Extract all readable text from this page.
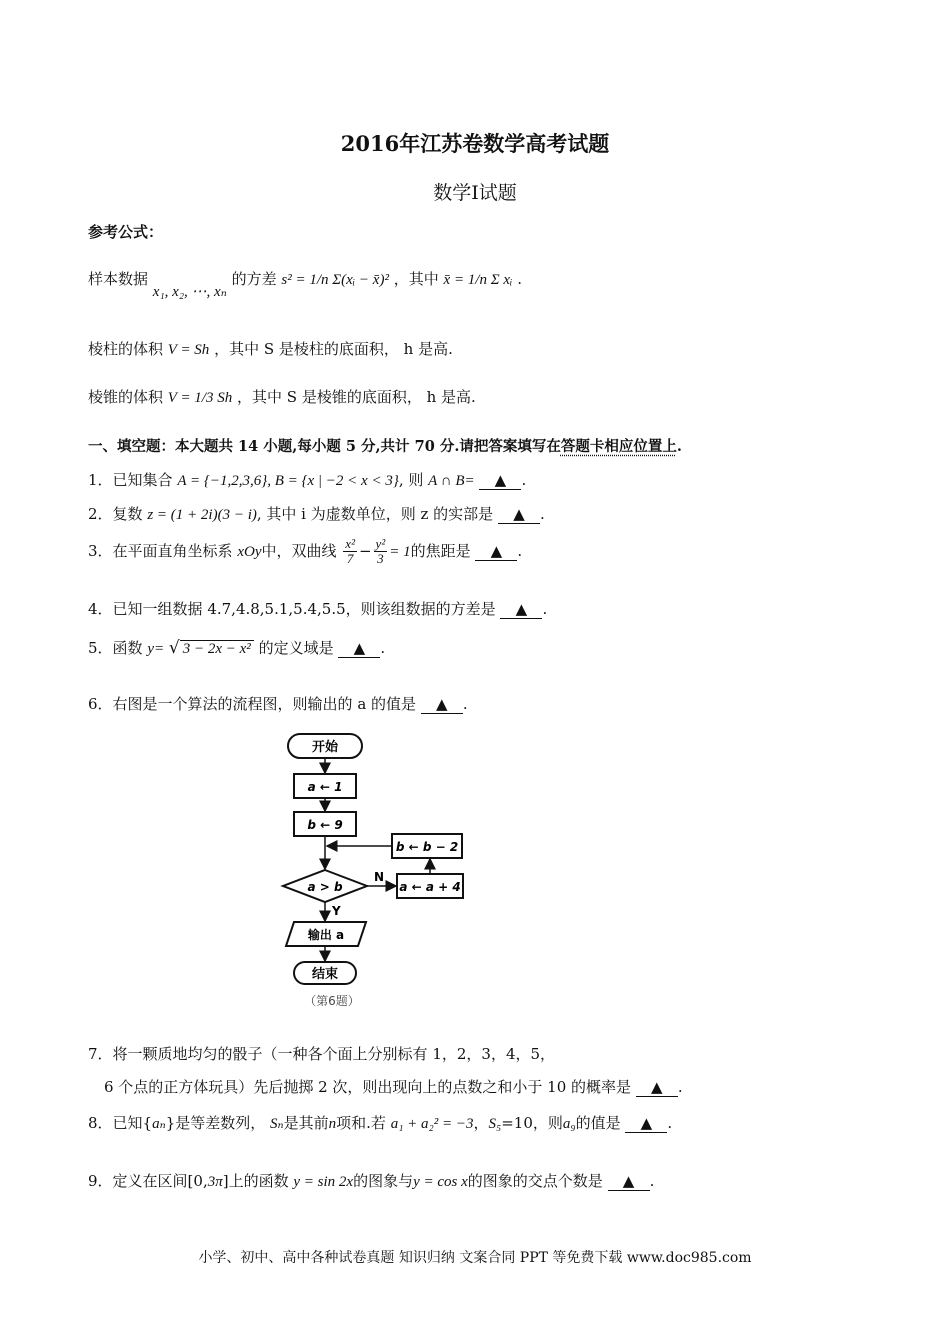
2016年江苏卷数学高考试题
数学I试题
参考公式：
样本数据 x₁, x₂, ⋯, xₙ 的方差 s² = 1/n Σ(xᵢ − x̄)² ，其中 x̄ = 1/n Σ xᵢ .
棱柱的体积 V = Sh ，其中 S 是棱柱的底面积， h 是高.
棱锥的体积 V = 1/3 Sh ，其中 S 是棱锥的底面积， h 是高.
一、填空题：本大题共 14 小题,每小题 5 分,共计 70 分.请把答案填写在答题卡相应位置上.
1．已知集合 A = {−1,2,3,6}, B = {x | −2 < x < 3}, 则 A ∩ B= ▲ .
2．复数 z = (1 + 2i)(3 − i), 其中 i 为虚数单位，则 z 的实部是 ▲ .
3．在平面直角坐标系 xOy中，双曲线 $\frac{\text{x²}}{7} - \frac{\text{y²}}{3} = 1$的焦距是 ▲ .
4．已知一组数据 4.7,4.8,5.1,5.4,5.5，则该组数据的方差是 ▲ .
5．函数 y= √ 3 − 2x − x² 的定义域是 ▲ .
6．右图是一个算法的流程图，则输出的 a 的值是 ▲ .
开始
a ← 1
b ← 9
b ← b − 2
a > b
N
a ← a + 4
Y
输出 a
结束
（第6题）
7．将一颗质地均匀的骰子（一种各个面上分别标有 1，2，3，4，5，
6 个点的正方体玩具）先后抛掷 2 次，则出现向上的点数之和小于 10 的概率是 ▲ .
8．已知{aₙ}是等差数列， Sₙ是其前n项和.若 a₁ + a₂² = −3，S₅=10，则a₉的值是 ▲ .
9．定义在区间[0,3π]上的函数 y = sin 2x的图象与y = cos x的图象的交点个数是 ▲ .
小学、初中、高中各种试卷真题 知识归纳 文案合同 PPT 等免费下载 www.doc985.com
